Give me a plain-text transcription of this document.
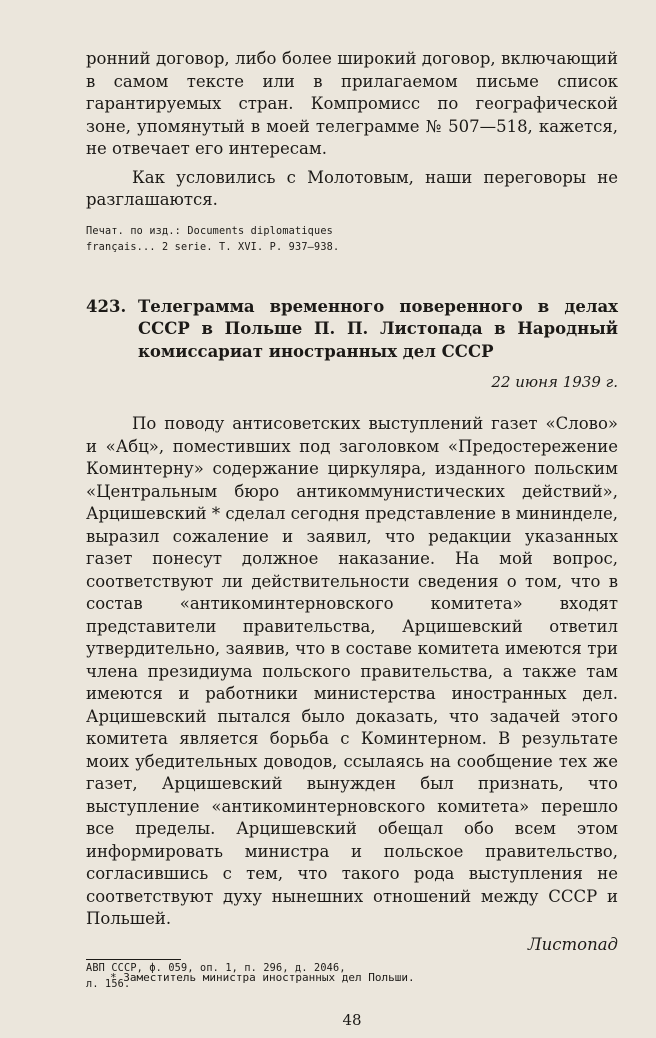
ронний договор, либо более широкий договор, включающий в самом тексте или в прилагаемом письме список гарантируемых стран. Компромисс по географической зоне, упомянутый в моей телеграмме № 507—518, кажется, не отвечает его интересам.

Как условились с Молотовым, наши переговоры не разглашаются.

Печат. по изд.: Documents diplomatiques français... 2 serie. T. XVI. P. 937—938.
423. Телеграмма временного поверенного в делах СССР в Польше П. П. Листопада в Народный комиссариат иностранных дел СССР
22 июня 1939 г.

По поводу антисоветских выступлений газет «Слово» и «Абц», поместивших под заголовком «Предостережение Коминтерну» содержание циркуляра, изданного польским «Центральным бюро антикоммунистических действий», Арцишевский * сделал сегодня представление в мининделе, выразил сожаление и заявил, что редакции указанных газет понесут должное наказание. На мой вопрос, соответствуют ли действительности сведения о том, что в состав «антикоминтерновского комитета» входят представители правительства, Арцишевский ответил утвердительно, заявив, что в составе комитета имеются три члена президиума польского правительства, а также там имеются и работники министерства иностранных дел. Арцишевский пытался было доказать, что задачей этого комитета является борьба с Коминтерном. В результате моих убедительных доводов, ссылаясь на сообщение тех же газет, Арцишевский вынужден был признать, что выступление «антикоминтерновского комитета» перешло все пределы. Арцишевский обещал обо всем этом информировать министра и польское правительство, согласившись с тем, что такого рода выступления не соответствуют духу нынешних отношений между СССР и Польшей.

Листопад
АВП СССР, ф. 059, оп. 1, п. 296, д. 2046, л. 156.
* Заместитель министра иностранных дел Польши.
48
